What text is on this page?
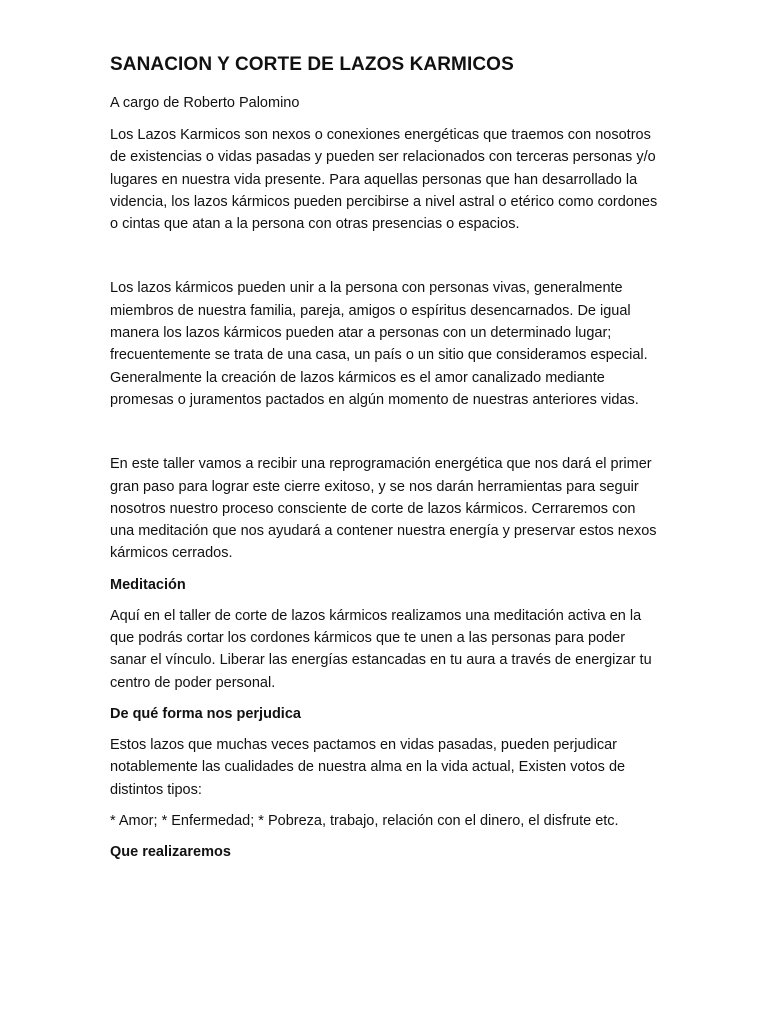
SANACION Y CORTE DE LAZOS KARMICOS

A cargo de Roberto Palomino

Los Lazos Karmicos son nexos o conexiones energéticas que traemos con nosotros de existencias o vidas pasadas y pueden ser relacionados con terceras personas y/o lugares en nuestra vida presente. Para aquellas personas que han desarrollado la videncia, los lazos kármicos pueden percibirse a nivel astral o etérico como cordones o cintas que atan a la persona con otras presencias o espacios.

Los lazos kármicos pueden unir a la persona con personas vivas, generalmente miembros de nuestra familia, pareja, amigos o espíritus desencarnados. De igual manera los lazos kármicos pueden atar a personas con un determinado lugar; frecuentemente se trata de una casa, un país o un sitio que consideramos especial. Generalmente la creación de lazos kármicos es el amor canalizado mediante promesas o juramentos pactados en algún momento de nuestras anteriores vidas.

En este taller vamos a recibir una reprogramación energética que nos dará el primer gran paso para lograr este cierre exitoso, y se nos darán herramientas para seguir nosotros nuestro proceso consciente de corte de lazos kármicos. Cerraremos con una meditación que nos ayudará a contener nuestra energía y preservar estos nexos kármicos cerrados.

Meditación

Aquí en el taller de corte de lazos kármicos realizamos una meditación activa en la que podrás cortar los cordones kármicos que te unen a las personas para poder sanar el vínculo. Liberar las energías estancadas en tu aura a través de energizar tu centro de poder personal.

De qué forma nos perjudica

Estos lazos que muchas veces pactamos en vidas pasadas, pueden perjudicar notablemente las cualidades de nuestra alma en la vida actual, Existen votos de distintos tipos:

* Amor; * Enfermedad; * Pobreza, trabajo, relación con el dinero, el disfrute etc.

Que realizaremos
